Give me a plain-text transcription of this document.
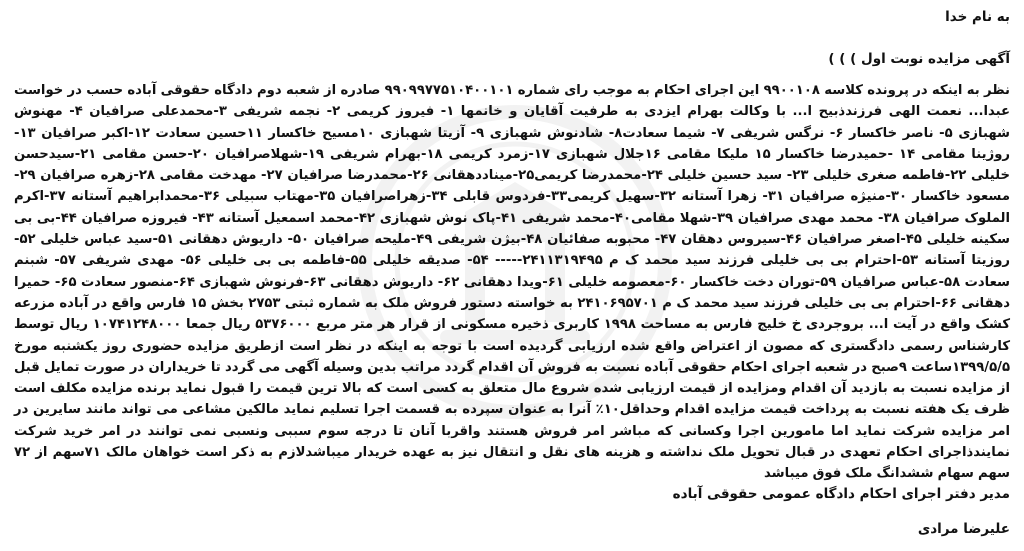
به نام خدا
آگهی مزایده نوبت اول ) ) )
نظر به اینکه در پرونده کلاسه ۹۹۰۰۱۰۸ این اجرای احکام به موجب رای شماره ۹۹۰۹۹۷۷۵۱۰۴۰۰۱۰۱ صادره از شعبه دوم دادگاه حقوقی آباده حسب در خواست عبدا... نعمت الهی فرزندذبیح ا... با وکالت بهرام ایزدی به طرفیت آقایان و خانمها ۱- فیروز کریمی ۲- نجمه شریفی ۳-محمدعلی صرافیان ۴- مهنوش شهبازی ۵- ناصر خاکسار ۶- نرگس شریفی ۷- شیما سعادت۸- شادنوش شهبازی ۹- آزیتا شهبازی ۱۰مسیح خاکسار ۱۱حسین سعادت ۱۲-اکبر صرافیان ۱۳- روژینا مقامی ۱۴ -حمیدرضا خاکسار ۱۵ ملیکا مقامی ۱۶جلال شهبازی ۱۷-زمرد کریمی ۱۸-بهرام شریفی ۱۹-شهلاصرافیان ۲۰-حسن مقامی ۲۱-سیدحسن خلیلی ۲۲-فاطمه صغری خلیلی ۲۳- سید حسین خلیلی ۲۴-محمدرضا کریمی۲۵-میناددهقانی ۲۶-محمدرضا صرافیان ۲۷- مهدخت مقامی ۲۸-زهره صرافیان ۲۹-مسعود خاکسار ۳۰-منیژه صرافیان ۳۱- زهرا آستانه ۳۲-سهیل کریمی۳۳-فردوس قابلی ۳۴-زهراصرافیان ۳۵-مهتاب سبیلی ۳۶-محمدابراهیم آستانه ۳۷-اکرم الملوک صرافیان ۳۸- محمد مهدی صرافیان ۳۹-شهلا مقامی۴۰-محمد شریفی ۴۱-پاک نوش شهبازی ۴۲-محمد اسمعیل آستانه ۴۳- فیروزه صرافیان ۴۴-بی بی سکینه خلیلی ۴۵-اصغر صرافیان ۴۶-سیروس دهقان ۴۷- محبوبه صفائیان ۴۸-بیژن شریفی ۴۹-ملیحه صرافیان ۵۰- داریوش دهقانی ۵۱-سید عباس خلیلی ۵۲- روزیتا آستانه ۵۳-احترام بی بی خلیلی فرزند سید محمد ک م ۲۴۱۱۳۱۹۴۹۵----- ۵۴- صدیقه خلیلی ۵۵-فاطمه بی بی خلیلی ۵۶- مهدی شریفی ۵۷- شبنم سعادت ۵۸-عباس صرافیان ۵۹-توران دخت خاکسار ۶۰-معصومه خلیلی ۶۱-ویدا دهقانی ۶۲- داریوش دهقانی ۶۳-فرنوش شهبازی ۶۴-منصور سعادت ۶۵- حمیرا دهقانی ۶۶-احترام بی بی خلیلی فرزند سید محمد ک م ۲۴۱۰۶۹۵۷۰۱ به خواسته دستور فروش ملک به شماره ثبتی ۲۷۵۳ بخش ۱۵ فارس واقع در آباده مزرعه کشک واقع در آیت ا... بروجردی خ خلیج فارس به مساحت ۱۹۹۸ کاربری ذخیره مسکونی از قرار هر متر مربع ۵۳۷۶۰۰۰ ریال جمعا ۱۰۷۴۱۲۴۸۰۰۰ ریال توسط کارشناس رسمی دادگستری که مصون از اعتراض واقع شده ارزیابی گردیده است با توجه به اینکه در نظر است ازطریق مزایده حضوری روز یکشنبه مورخ ۱۳۹۹/۵/۵ساعت ۹صبح در شعبه اجرای احکام حقوقی آباده نسبت به فروش آن اقدام گردد مراتب بدین وسیله آگهی می گردد تا خریداران در صورت تمایل قبل از مزایده نسبت به بازدید آن اقدام ومزایده از قیمت ارزیابی شده شروع مال متعلق به کسی است که بالا ترین قیمت را قبول نماید برنده مزایده مکلف است ظرف یک هفته نسبت به پرداخت قیمت مزایده اقدام وحداقل۱۰٪ آنرا به عنوان سپرده به قسمت اجرا تسلیم نماید مالکین مشاعی می تواند مانند سایرین در امر مزایده شرکت نماید اما مامورین اجرا وکسانی که مباشر امر فروش هستند واقربا آنان تا درجه سوم سببی ونسبی نمی توانند در امر خرید شرکت نمایندذاجرای احکام تعهدی در قبال تحویل ملک نداشته و هزینه های نقل و انتقال نیز به عهده خریدار میباشدلازم به ذکر است خواهان مالک ۷۱سهم از ۷۲ سهم سهام ششدانگ ملک فوق میباشد
مدیر دفتر اجرای احکام دادگاه عمومی حقوقی آباده
علیرضا مرادی
